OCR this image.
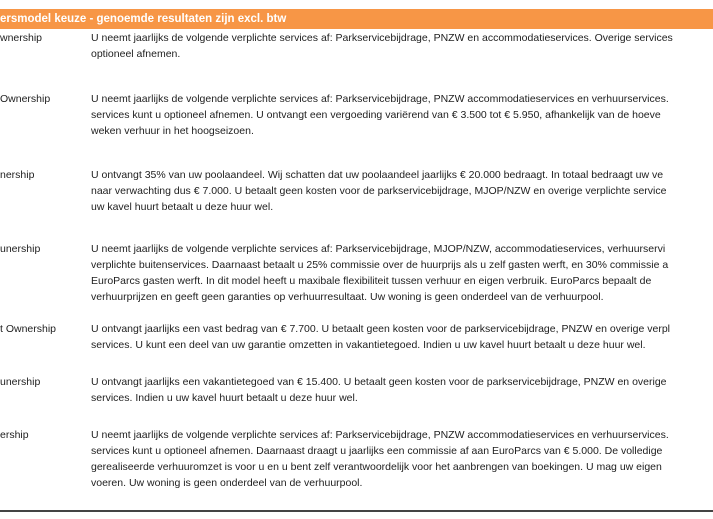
ersmodel keuze - genoemde resultaten zijn excl. btw
wnership	U neemt jaarlijks de volgende verplichte services af: Parkservicebijdrage, PNZW en accommodatieservices. Overige services
optioneel afnemen.
Ownership	U neemt jaarlijks de volgende verplichte services af: Parkservicebijdrage, PNZW accommodatieservices en verhuurservices.
services kunt u optioneel afnemen. U ontvangt een vergoeding variërend van € 3.500 tot € 5.950, afhankelijk van de hoeve
weken verhuur in het hoogseizoen.
nership	U ontvangt 35% van uw poolaandeel. Wij schatten dat uw poolaandeel jaarlijks € 20.000 bedraagt. In totaal bedraagt uw ve
naar verwachting dus € 7.000. U betaalt geen kosten voor de parkservicebijdrage, MJOP/NZW en overige verplichte service
uw kavel huurt betaalt u deze huur wel.
unership	U neemt jaarlijks de volgende verplichte services af: Parkservicebijdrage, MJOP/NZW, accommodatieservices, verhuurservi
verplichte buitenservices. Daarnaast betaalt u 25% commissie over de huurprijs als u zelf gasten werft, en 30% commissie a
EuroParcs gasten werft. In dit model heeft u maxibale flexibiliteit tussen verhuur en eigen verbruik. EuroParcs bepaalt de
verhuurprijzen en geeft geen garanties op verhuurresultaat. Uw woning is geen onderdeel van de verhuurpool.
t Ownership	U ontvangt jaarlijks een vast bedrag van € 7.700. U betaalt geen kosten voor de parkservicebijdrage, PNZW en overige verpl
services. U kunt een deel van uw garantie omzetten in vakantietegoed. Indien u uw kavel huurt betaalt u deze huur wel.
unership	U ontvangt jaarlijks een vakantietegoed van € 15.400. U betaalt geen kosten voor de parkservicebijdrage, PNZW en overige
services. Indien u uw kavel huurt betaalt u deze huur wel.
ership	U neemt jaarlijks de volgende verplichte services af: Parkservicebijdrage, PNZW accommodatieservices en verhuurservices.
services kunt u optioneel afnemen. Daarnaast draagt u jaarlijks een commissie af aan EuroParcs van € 5.000. De volledige
gerealiseerde verhuuromzet is voor u en u bent zelf verantwoordelijk voor het aanbrengen van boekingen. U mag uw eigen
voeren. Uw woning is geen onderdeel van de verhuurpool.
